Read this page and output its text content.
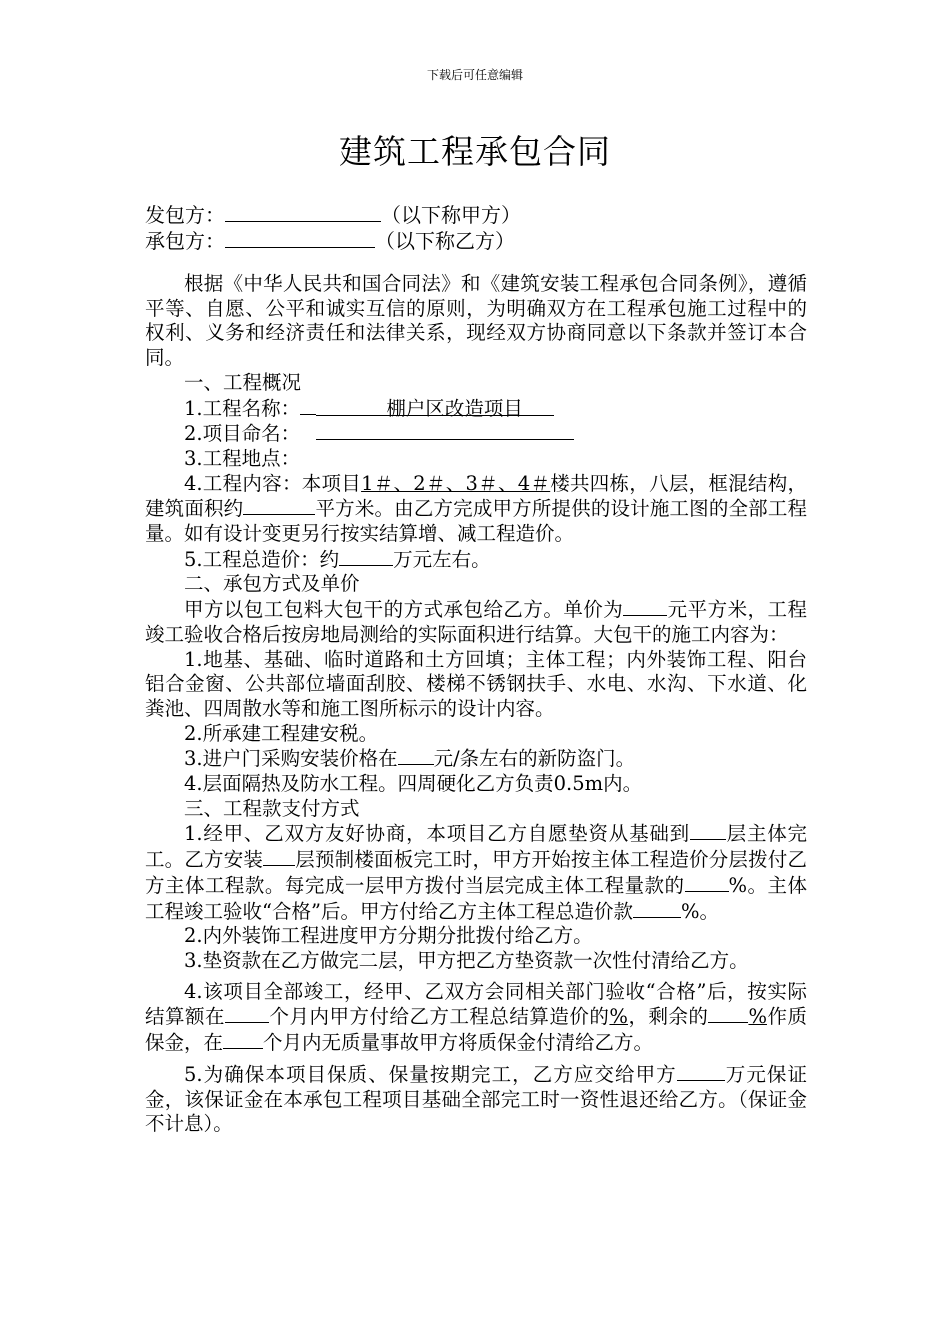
下载后可任意编辑
建筑工程承包合同
发包方：	（以下称甲方）
承包方：	（以下称乙方）

根据《中华人民共和国合同法》和《建筑安装工程承包合同条例》，遵循平等、自愿、公平和诚实互信的原则，为明确双方在工程承包施工过程中的权利、义务和经济责任和法律关系，现经双方协商同意以下条款并签订本合同。

一、工程概况

1.工程名称：	棚户区改造项目

2.项目命名：

3.工程地点：

4.工程内容：本项目1＃、2＃、3＃、4＃楼共四栋，八层，框混结构，建筑面积约	平方米。由乙方完成甲方所提供的设计施工图的全部工程量。如有设计变更另行按实结算增、减工程造价。

5.工程总造价：约	万元左右。

二、承包方式及单价

甲方以包工包料大包干的方式承包给乙方。单价为 元平方米，工程竣工验收合格后按房地局测给的实际面积进行结算。大包干的施工内容为：

1.地基、基础、临时道路和土方回填；主体工程；内外装饰工程、阳台铝合金窗、公共部位墙面刮胶、楼梯不锈钢扶手、水电、水沟、下水道、化粪池、四周散水等和施工图所标示的设计内容。

2.所承建工程建安税。

3.进户门采购安装价格在 元/条左右的新防盗门。

4.层面隔热及防水工程。四周硬化乙方负责0.5m内。

三、工程款支付方式

1.经甲、乙双方友好协商，本项目乙方自愿垫资从基础到 层主体完工。乙方安装 层预制楼面板完工时，甲方开始按主体工程造价分层拨付乙方主体工程款。每完成一层甲方拨付当层完成主体工程量款的 %。主体工程竣工验收“合格”后。甲方付给乙方主体工程总造价款 %。

2.内外装饰工程进度甲方分期分批拨付给乙方。

3.垫资款在乙方做完二层，甲方把乙方垫资款一次性付清给乙方。

4.该项目全部竣工，经甲、乙双方会同相关部门验收“合格”后，按实际结算额在 个月内甲方付给乙方工程总结算造价的%，剩余的 %作质保金，在 个月内无质量事故甲方将质保金付清给乙方。

5.为确保本项目保质、保量按期完工，乙方应交给甲方 万元保证金，该保证金在本承包工程项目基础全部完工时一资性退还给乙方。（保证金不计息）。
